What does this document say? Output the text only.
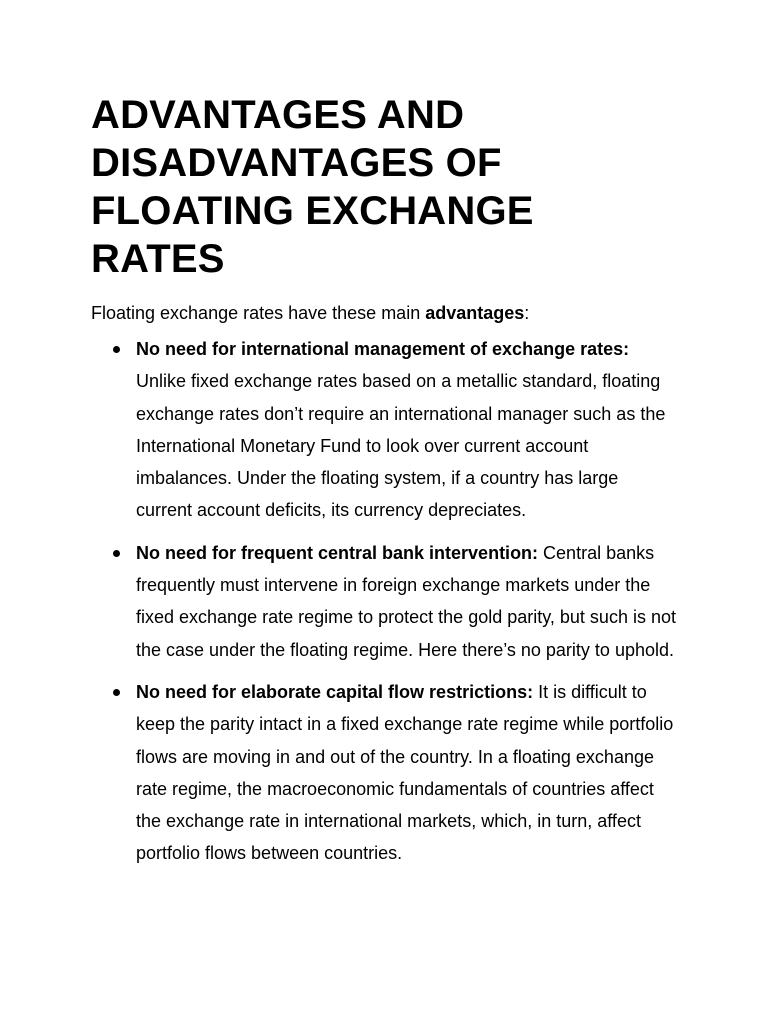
ADVANTAGES AND DISADVANTAGES OF FLOATING EXCHANGE RATES

Floating exchange rates have these main advantages:

No need for international management of exchange rates: Unlike fixed exchange rates based on a metallic standard, floating exchange rates don’t require an international manager such as the International Monetary Fund to look over current account imbalances. Under the floating system, if a country has large current account deficits, its currency depreciates.
No need for frequent central bank intervention: Central banks frequently must intervene in foreign exchange markets under the fixed exchange rate regime to protect the gold parity, but such is not the case under the floating regime. Here there’s no parity to uphold.
No need for elaborate capital flow restrictions: It is difficult to keep the parity intact in a fixed exchange rate regime while portfolio flows are moving in and out of the country. In a floating exchange rate regime, the macroeconomic fundamentals of countries affect the exchange rate in international markets, which, in turn, affect portfolio flows between countries.
